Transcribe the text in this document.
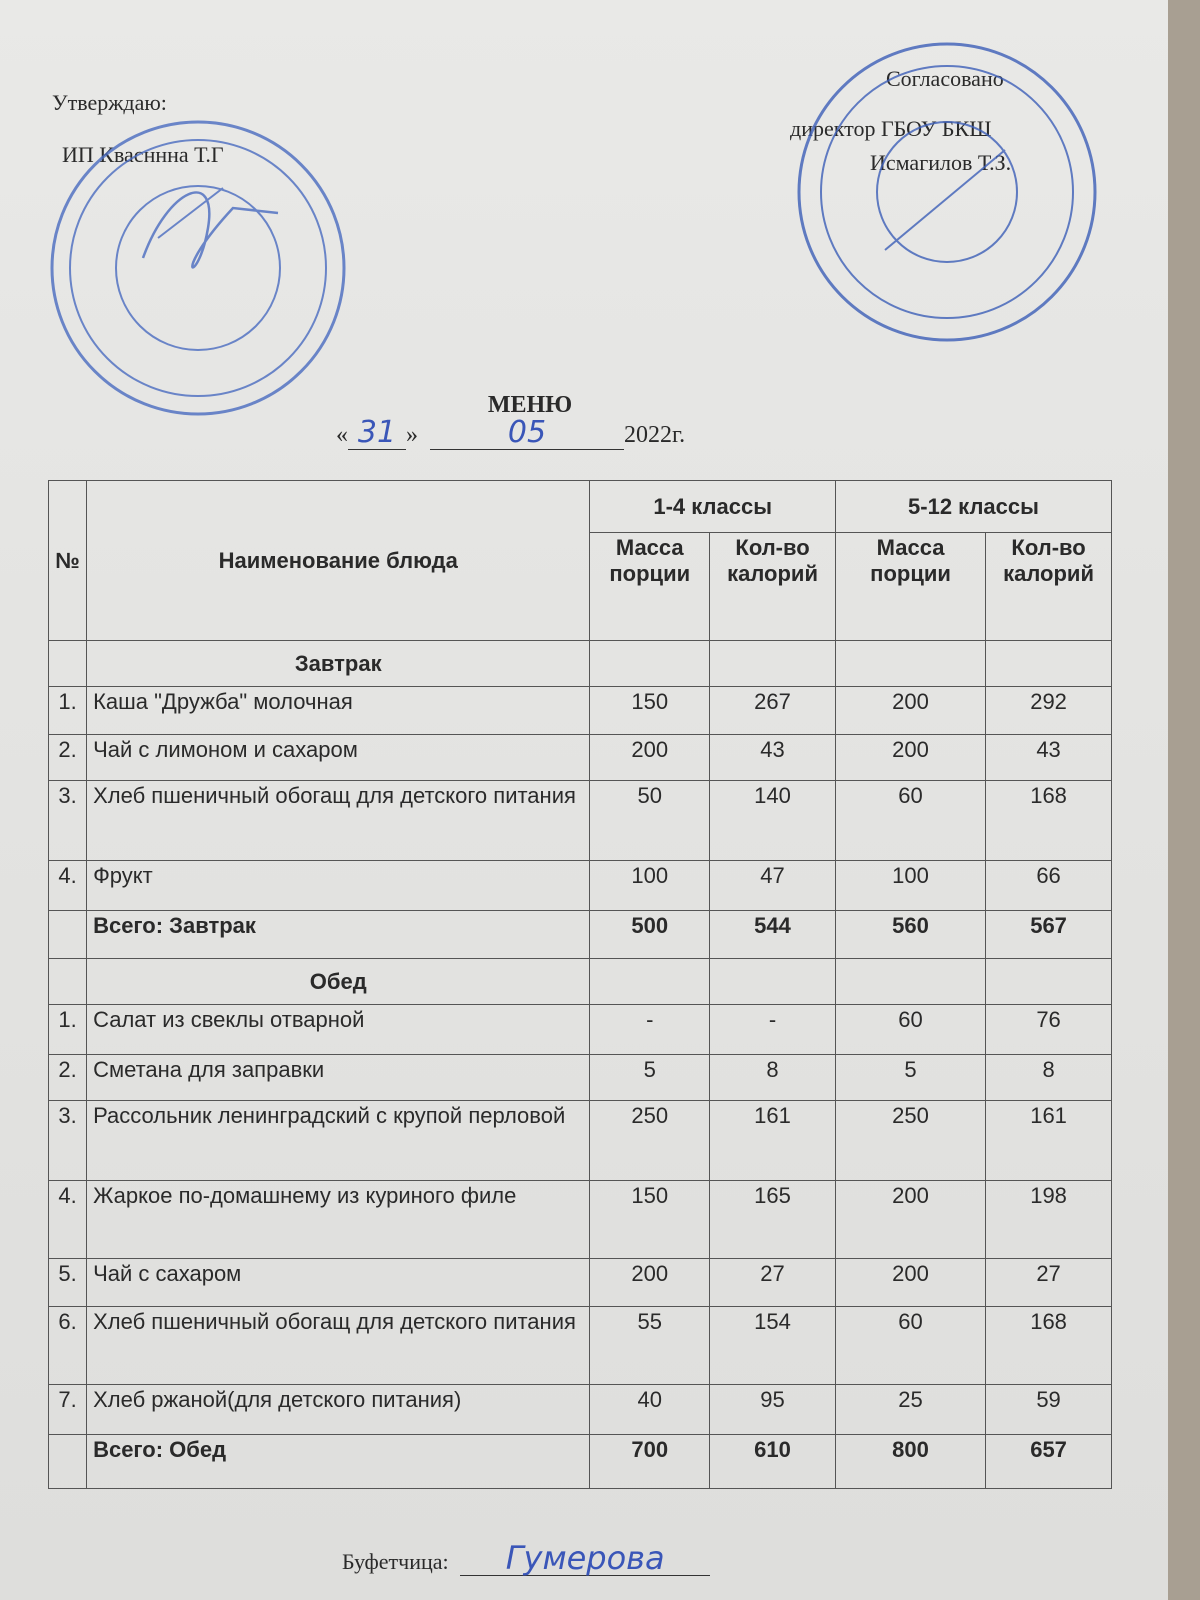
Утверждаю:
ИП Квасннна Т.Г
Согласовано
директор ГБОУ БКШ
Исмагилов Т.З.
МЕНЮ
« 31 »	05	2022г.
№	Наименование блюда	1-4 классы		5-12 классы	
		Масса порции	Кол-во калорий	Масса порции	Кол-во калорий
	Завтрак				
1.	Каша "Дружба" молочная	150	267	200	292
2.	Чай с лимоном и сахаром	200	43	200	43
3.	Хлеб пшеничный обогащ для детского питания	50	140	60	168
4.	Фрукт	100	47	100	66
	Всего: Завтрак	500	544	560	567
	Обед				
1.	Салат из свеклы отварной	-	-	60	76
2.	Сметана для заправки	5	8	5	8
3.	Рассольник ленинградский с крупой перловой	250	161	250	161
4.	Жаркое по-домашнему из куриного филе	150	165	200	198
5.	Чай с сахаром	200	27	200	27
6.	Хлеб пшеничный обогащ для детского питания	55	154	60	168
7.	Хлеб ржаной(для детского питания)	40	95	25	59
	Всего: Обед	700	610	800	657
Буфетчица: Гумерова
